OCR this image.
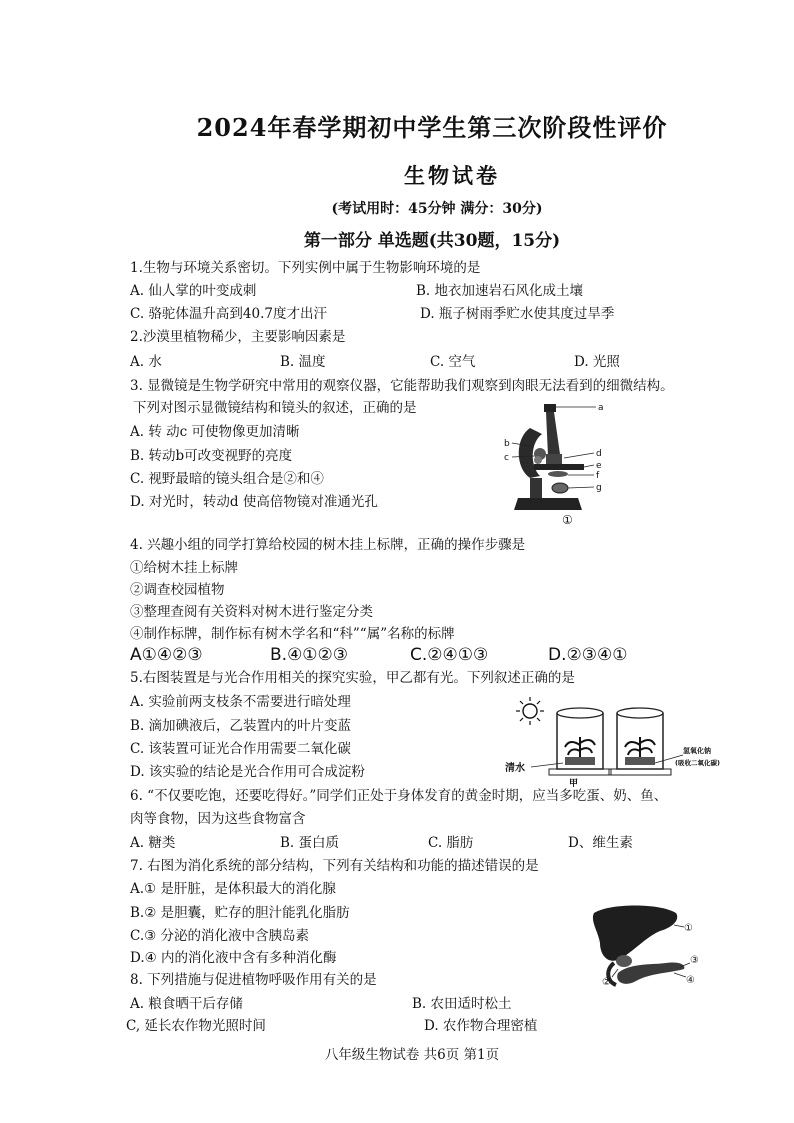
2024年春学期初中学生第三次阶段性评价
生物试卷
(考试用时：45分钟 满分：30分)
第一部分 单选题(共30题，15分)
1.生物与环境关系密切。下列实例中属于生物影响环境的是
A. 仙人掌的叶变成刺	B. 地衣加速岩石风化成土壤
C. 骆驼体温升高到40.7度才出汗	D. 瓶子树雨季贮水使其度过旱季
2.沙漠里植物稀少，主要影响因素是
A. 水	B. 温度	C. 空气	D. 光照
3. 显微镜是生物学研究中常用的观察仪器，它能帮助我们观察到肉眼无法看到的细微结构。
下列对图示显微镜结构和镜头的叙述，正确的是
A. 转 动c 可使物像更加清晰
B. 转动b可改变视野的亮度
C. 视野最暗的镜头组合是②和④
D. 对光时，转动d 使高倍物镜对准通光孔
a
b
c	d
e
f
g
①
4. 兴趣小组的同学打算给校园的树木挂上标牌，正确的操作步骤是
①给树木挂上标牌
②调查校园植物
③整理查阅有关资料对树木进行鉴定分类
④制作标牌，制作标有树木学名和“科”“属”名称的标牌
A①④②③	B.④①②③	C.②④①③	D.②③④①
5.右图装置是与光合作用相关的探究实验，甲乙都有光。下列叙述正确的是
A. 实验前两支枝条不需要进行暗处理
B. 滴加碘液后，乙装置内的叶片变蓝
C. 该装置可证光合作用需要二氧化碳
D. 该实验的结论是光合作用可合成淀粉	清水
甲
氢氧化钠
(吸收二氧化碳)
6. “不仅要吃饱，还要吃得好。”同学们正处于身体发育的黄金时期，应当多吃蛋、奶、鱼、
肉等食物，因为这些食物富含
A. 糖类	B. 蛋白质	C. 脂肪	D、维生素
7. 右图为消化系统的部分结构，下列有关结构和功能的描述错误的是
A.① 是肝脏，是体积最大的消化腺
B.② 是胆囊，贮存的胆汁能乳化脂肪
C.③ 分泌的消化液中含胰岛素
D.④ 内的消化液中含有多种消化酶
①
②
③
④
8. 下列措施与促进植物呼吸作用有关的是
A. 粮食晒干后存储	B. 农田适时松土
C, 延长农作物光照时间	D. 农作物合理密植
八年级生物试卷 共6页 第1页
